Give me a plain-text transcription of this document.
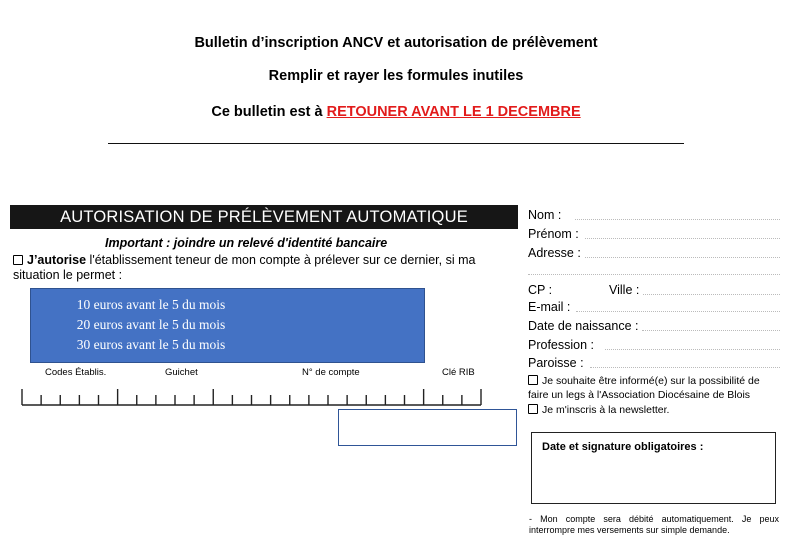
Bulletin d’inscription ANCV et autorisation de prélèvement
Remplir et rayer les formules inutiles
Ce bulletin est à RETOUNER AVANT LE 1 DECEMBRE
AUTORISATION DE PRÉLÈVEMENT AUTOMATIQUE
Important : joindre un relevé d'identité bancaire
J’autorise l'établissement teneur de mon compte à prélever sur ce dernier, si ma situation le permet :
10 euros avant le 5 du mois
20 euros avant le 5 du mois
30 euros avant le 5 du mois
Codes Établis.	Guichet	N° de compte	Clé RIB
Nom :
Prénom :
Adresse :
CP :	Ville :
E-mail :
Date de naissance :
Profession :
Paroisse :
Je souhaite être informé(e) sur la possibilité de faire un legs à l'Association Diocésaine de Blois
Je m'inscris à la newsletter.
Date et signature obligatoires :
- Mon compte sera débité automatiquement. Je peux interrompre mes versements sur simple demande.
